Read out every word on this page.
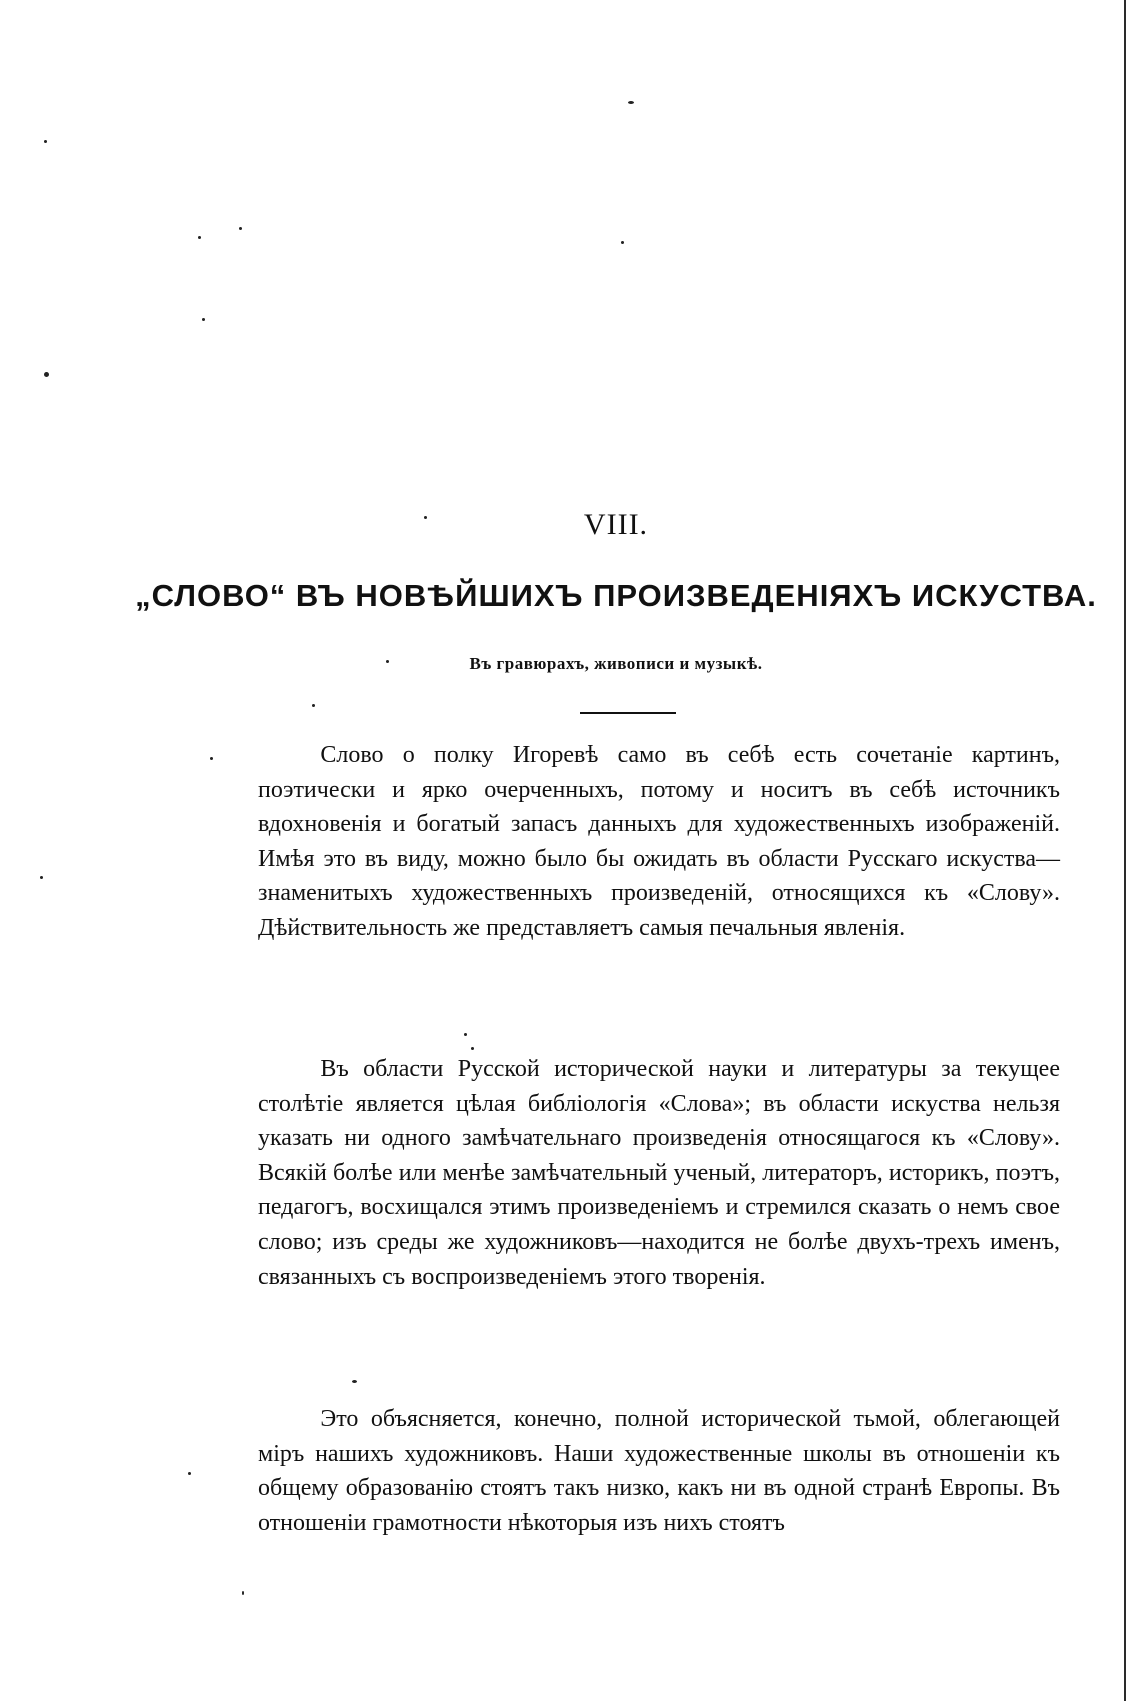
VIII.
„СЛОВО“ ВЪ НОВѢЙШИХЪ ПРОИЗВЕДЕНІЯХЪ ИСКУСТВА.
Въ гравюрахъ, живописи и музыкѣ.

Слово о полку Игоревѣ само въ себѣ есть сочетаніе картинъ, поэтически и ярко очерченныхъ, потому и носитъ въ себѣ источникъ вдохновенія и богатый запасъ данныхъ для художественныхъ изображеній. Имѣя это въ виду, можно было бы ожидать въ области Русскаго искуства—знаменитыхъ художественныхъ произведеній, относящихся къ «Слову». Дѣйствительность же представляетъ самыя печальныя явленія.

Въ области Русской исторической науки и литературы за текущее столѣтіе является цѣлая библіологія «Слова»; въ области искуства нельзя указать ни одного замѣчательнаго произведенія относящагося къ «Слову». Всякій болѣе или менѣе замѣчательный ученый, литераторъ, историкъ, поэтъ, педагогъ, восхищался этимъ произведеніемъ и стремился сказать о немъ свое слово; изъ среды же художниковъ—находится не болѣе двухъ-трехъ именъ, связанныхъ съ воспроизведеніемъ этого творенія.

Это объясняется, конечно, полной исторической тьмой, облегающей міръ нашихъ художниковъ. Наши художественные школы въ отношеніи къ общему образованію стоятъ такъ низко, какъ ни въ одной странѣ Европы. Въ отношеніи грамотности нѣкоторыя изъ нихъ стоятъ
